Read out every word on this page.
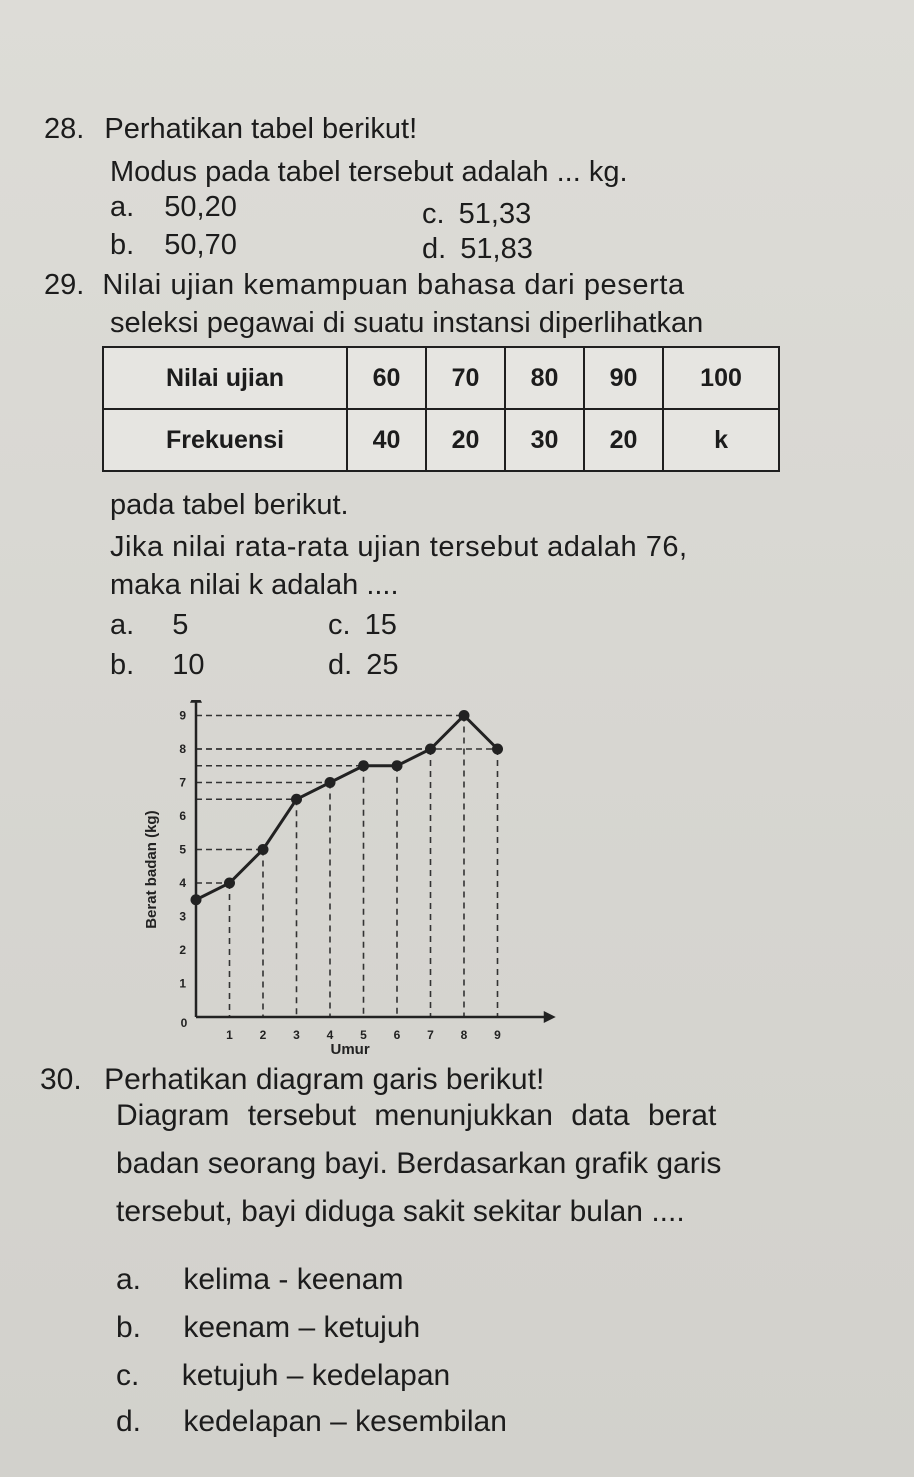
28. Perhatikan tabel berikut!
Modus pada tabel tersebut adalah ... kg.
a. 50,20
b. 50,70
c. 51,33
d. 51,83
29. Nilai ujian kemampuan bahasa dari peserta
seleksi pegawai di suatu instansi diperlihatkan
Nilai ujian	60	70	80	90	100
Frekuensi	40	20	30	20	k
pada tabel berikut.
Jika nilai rata-rata ujian tersebut adalah 76,
maka nilai k adalah ....
a. 5
b. 10
c. 15
d. 25
0
1 2 3 4 5 6 7 8 9
1
2
3
4
5
6
7
8
9
Umur
Berat badan (kg)
30. Perhatikan diagram garis berikut!
Diagram tersebut menunjukkan data berat
badan seorang bayi. Berdasarkan grafik garis
tersebut, bayi diduga sakit sekitar bulan ....
a. kelima - keenam
b. keenam – ketujuh
c. ketujuh – kedelapan
d. kedelapan – kesembilan
